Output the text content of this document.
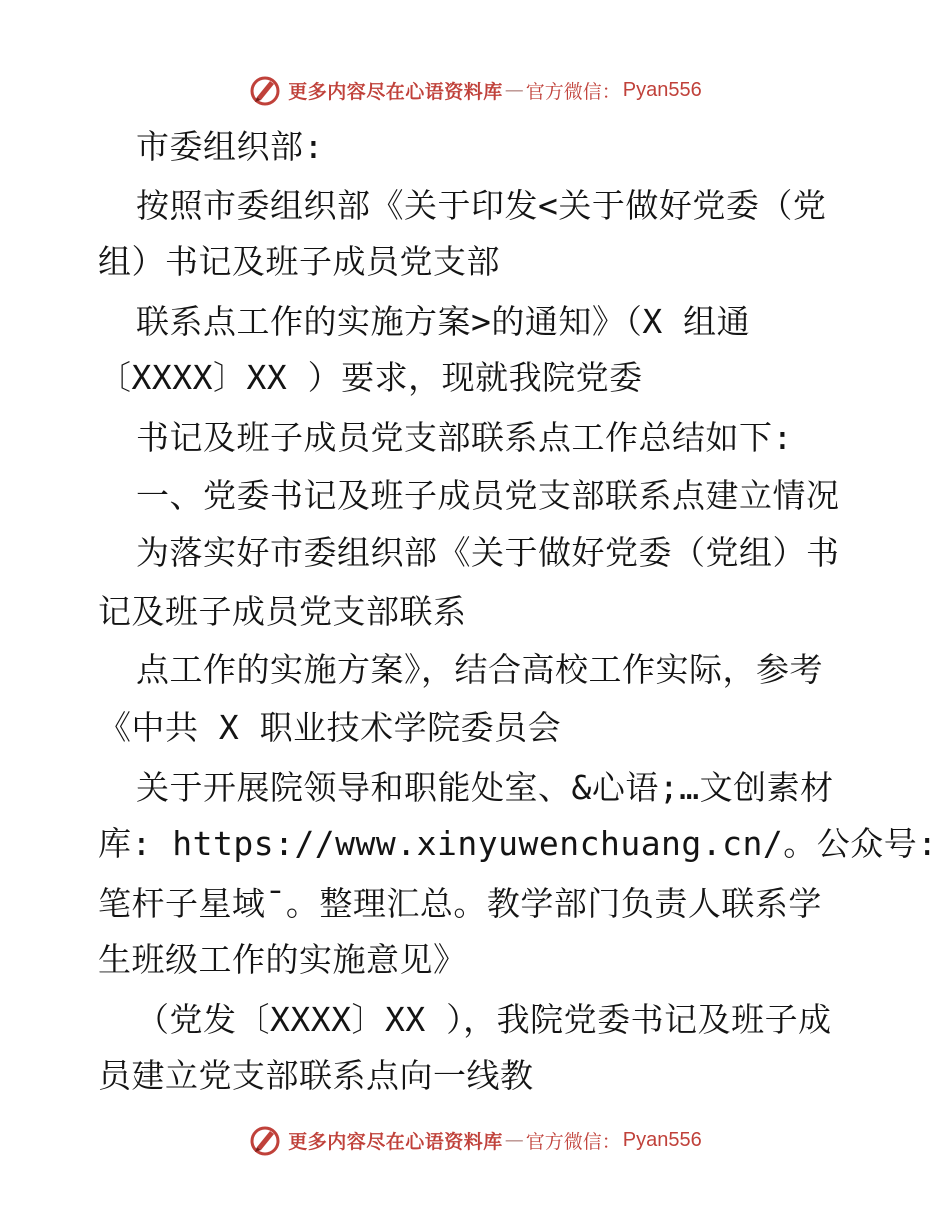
更多内容尽在心语资料库 — 官方微信： Pyan556

市委组织部:

按照市委组织部《关于印发<关于做好党委（党

组）书记及班子成员党支部

联系点工作的实施方案>的通知》（X 组通

〔XXXX〕XX ）要求，现就我院党委

书记及班子成员党支部联系点工作总结如下:

一、党委书记及班子成员党支部联系点建立情况

为落实好市委组织部《关于做好党委（党组）书

记及班子成员党支部联系

点工作的实施方案》，结合高校工作实际，参考

《中共 X 职业技术学院委员会

关于开展院领导和职能处室、&心语;…文创素材

库: https://www.xinyuwenchuang.cn/。公众号:

笔杆子星域¯。整理汇总。教学部门负责人联系学

生班级工作的实施意见》

（党发〔XXXX〕XX ），我院党委书记及班子成

员建立党支部联系点向一线教

更多内容尽在心语资料库 — 官方微信： Pyan556
